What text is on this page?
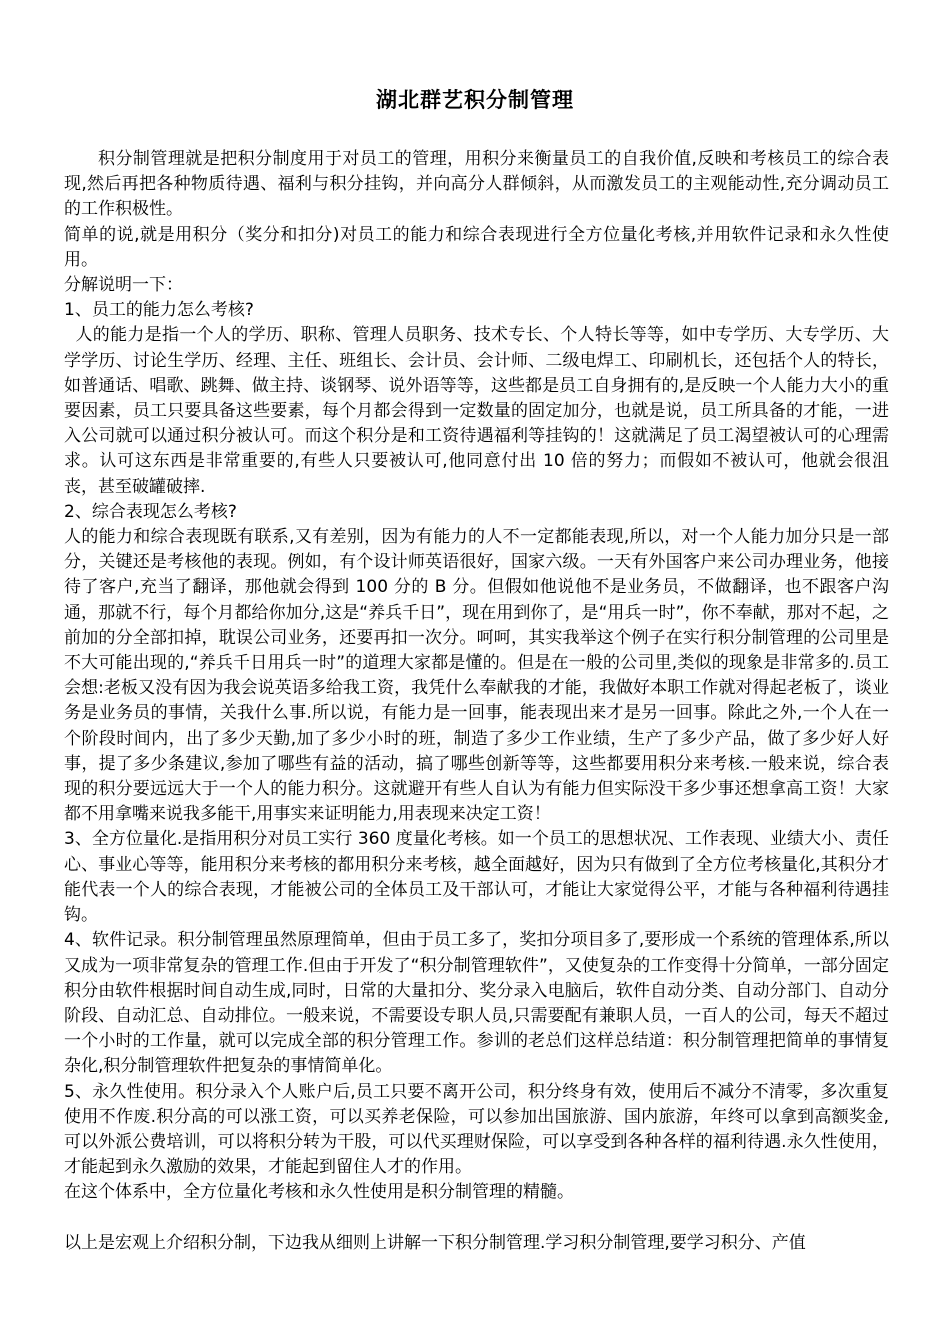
湖北群艺积分制管理

积分制管理就是把积分制度用于对员工的管理，用积分来衡量员工的自我价值,反映和考核员工的综合表现,然后再把各种物质待遇、福利与积分挂钩，并向高分人群倾斜，从而激发员工的主观能动性,充分调动员工的工作积极性。

简单的说,就是用积分（奖分和扣分)对员工的能力和综合表现进行全方位量化考核,并用软件记录和永久性使用。

分解说明一下：

1、员工的能力怎么考核?

人的能力是指一个人的学历、职称、管理人员职务、技术专长、个人特长等等，如中专学历、大专学历、大学学历、讨论生学历、经理、主任、班组长、会计员、会计师、二级电焊工、印刷机长，还包括个人的特长，如普通话、唱歌、跳舞、做主持、谈钢琴、说外语等等，这些都是员工自身拥有的,是反映一个人能力大小的重要因素，员工只要具备这些要素，每个月都会得到一定数量的固定加分，也就是说，员工所具备的才能，一进入公司就可以通过积分被认可。而这个积分是和工资待遇福利等挂钩的！这就满足了员工渴望被认可的心理需求。认可这东西是非常重要的,有些人只要被认可,他同意付出 10 倍的努力；而假如不被认可，他就会很沮丧，甚至破罐破摔.

2、综合表现怎么考核?

人的能力和综合表现既有联系,又有差别，因为有能力的人不一定都能表现,所以，对一个人能力加分只是一部分，关键还是考核他的表现。例如，有个设计师英语很好，国家六级。一天有外国客户来公司办理业务，他接待了客户,充当了翻译，那他就会得到 100 分的 B 分。但假如他说他不是业务员，不做翻译，也不跟客户沟通，那就不行，每个月都给你加分,这是“养兵千日”，现在用到你了，是“用兵一时”，你不奉献，那对不起，之前加的分全部扣掉，耽误公司业务，还要再扣一次分。呵呵，其实我举这个例子在实行积分制管理的公司里是不大可能出现的,“养兵千日用兵一时”的道理大家都是懂的。但是在一般的公司里,类似的现象是非常多的.员工会想:老板又没有因为我会说英语多给我工资，我凭什么奉献我的才能，我做好本职工作就对得起老板了，谈业务是业务员的事情，关我什么事.所以说，有能力是一回事，能表现出来才是另一回事。除此之外,一个人在一个阶段时间内，出了多少天勤,加了多少小时的班，制造了多少工作业绩，生产了多少产品，做了多少好人好事，提了多少条建议,参加了哪些有益的活动，搞了哪些创新等等，这些都要用积分来考核.一般来说，综合表现的积分要远远大于一个人的能力积分。这就避开有些人自认为有能力但实际没干多少事还想拿高工资！大家都不用拿嘴来说我多能干,用事实来证明能力,用表现来决定工资！

3、全方位量化.是指用积分对员工实行 360 度量化考核。如一个员工的思想状况、工作表现、业绩大小、责任心、事业心等等，能用积分来考核的都用积分来考核，越全面越好，因为只有做到了全方位考核量化,其积分才能代表一个人的综合表现，才能被公司的全体员工及干部认可，才能让大家觉得公平，才能与各种福利待遇挂钩。

4、软件记录。积分制管理虽然原理简单，但由于员工多了，奖扣分项目多了,要形成一个系统的管理体系,所以又成为一项非常复杂的管理工作.但由于开发了“积分制管理软件”，又使复杂的工作变得十分简单，一部分固定积分由软件根据时间自动生成,同时，日常的大量扣分、奖分录入电脑后，软件自动分类、自动分部门、自动分阶段、自动汇总、自动排位。一般来说，不需要设专职人员,只需要配有兼职人员，一百人的公司，每天不超过一个小时的工作量，就可以完成全部的积分管理工作。参训的老总们这样总结道：积分制管理把简单的事情复杂化,积分制管理软件把复杂的事情简单化。

5、永久性使用。积分录入个人账户后,员工只要不离开公司，积分终身有效，使用后不减分不清零，多次重复使用不作废.积分高的可以涨工资，可以买养老保险，可以参加出国旅游、国内旅游，年终可以拿到高额奖金,可以外派公费培训，可以将积分转为干股，可以代买理财保险，可以享受到各种各样的福利待遇.永久性使用，才能起到永久激励的效果，才能起到留住人才的作用。

在这个体系中，全方位量化考核和永久性使用是积分制管理的精髓。

以上是宏观上介绍积分制，下边我从细则上讲解一下积分制管理.学习积分制管理,要学习积分、产值
